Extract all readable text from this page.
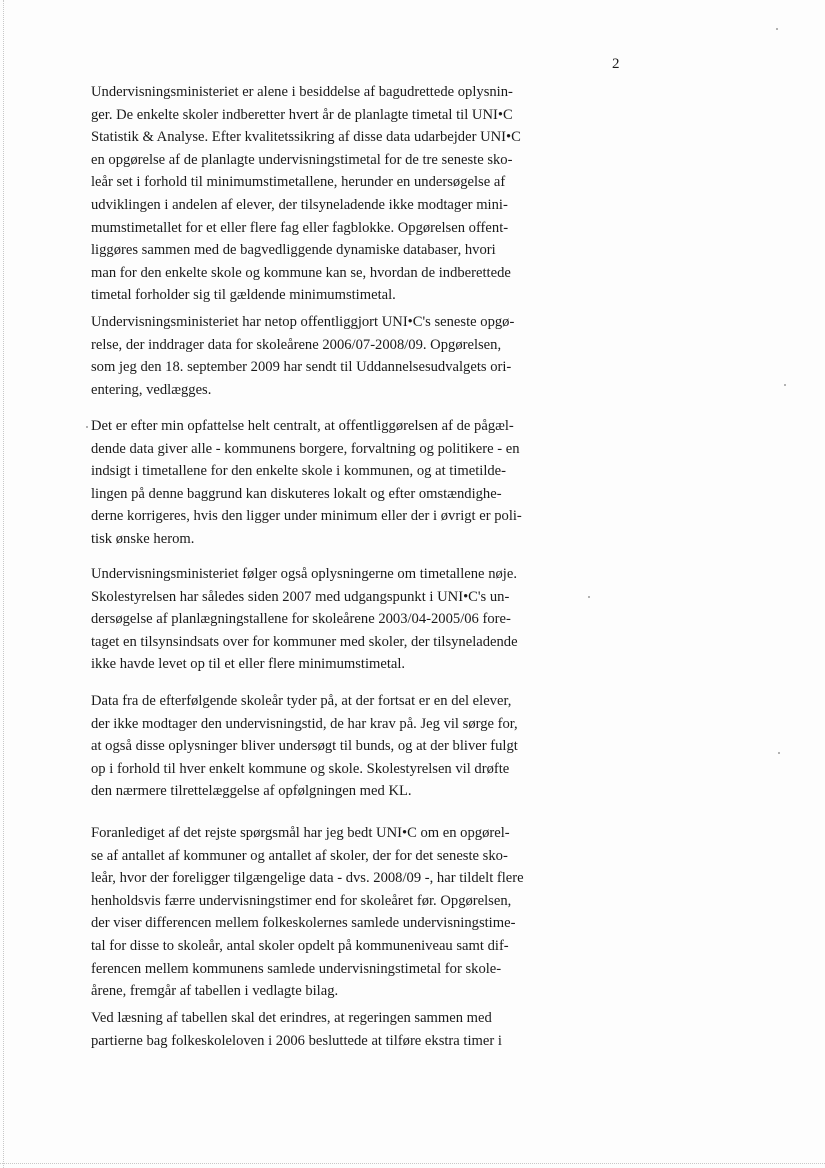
2

Undervisningsministeriet er alene i besiddelse af bagudrettede oplysnin-
ger. De enkelte skoler indberetter hvert år de planlagte timetal til UNI•C
Statistik & Analyse. Efter kvalitetssikring af disse data udarbejder UNI•C
en opgørelse af de planlagte undervisningstimetal for de tre seneste sko-
leår set i forhold til minimumstimetallene, herunder en undersøgelse af
udviklingen i andelen af elever, der tilsyneladende ikke modtager mini-
mumstimetallet for et eller flere fag eller fagblokke. Opgørelsen offent-
liggøres sammen med de bagvedliggende dynamiske databaser, hvori
man for den enkelte skole og kommune kan se, hvordan de indberettede
timetal forholder sig til gældende minimumstimetal.

Undervisningsministeriet har netop offentliggjort UNI•C's seneste opgø-
relse, der inddrager data for skoleårene 2006/07-2008/09. Opgørelsen,
som jeg den 18. september 2009 har sendt til Uddannelsesudvalgets ori-
entering, vedlægges.

Det er efter min opfattelse helt centralt, at offentliggørelsen af de pågæl-
dende data giver alle - kommunens borgere, forvaltning og politikere - en
indsigt i timetallene for den enkelte skole i kommunen, og at timetilde-
lingen på denne baggrund kan diskuteres lokalt og efter omstændighe-
derne korrigeres, hvis den ligger under minimum eller der i øvrigt er poli-
tisk ønske herom.

Undervisningsministeriet følger også oplysningerne om timetallene nøje.
Skolestyrelsen har således siden 2007 med udgangspunkt i UNI•C's un-
dersøgelse af planlægningstallene for skoleårene 2003/04-2005/06 fore-
taget en tilsynsindsats over for kommuner med skoler, der tilsyneladende
ikke havde levet op til et eller flere minimumstimetal.

Data fra de efterfølgende skoleår tyder på, at der fortsat er en del elever,
der ikke modtager den undervisningstid, de har krav på. Jeg vil sørge for,
at også disse oplysninger bliver undersøgt til bunds, og at der bliver fulgt
op i forhold til hver enkelt kommune og skole. Skolestyrelsen vil drøfte
den nærmere tilrettelæggelse af opfølgningen med KL.

Foranlediget af det rejste spørgsmål har jeg bedt UNI•C om en opgørel-
se af antallet af kommuner og antallet af skoler, der for det seneste sko-
leår, hvor der foreligger tilgængelige data - dvs. 2008/09 -, har tildelt flere
henholdsvis færre undervisningstimer end for skoleåret før. Opgørelsen,
der viser differencen mellem folkeskolernes samlede undervisningstime-
tal for disse to skoleår, antal skoler opdelt på kommuneniveau samt dif-
ferencen mellem kommunens samlede undervisningstimetal for skole-
årene, fremgår af tabellen i vedlagte bilag.

Ved læsning af tabellen skal det erindres, at regeringen sammen med
partierne bag folkeskoleloven i 2006 besluttede at tilføre ekstra timer i
